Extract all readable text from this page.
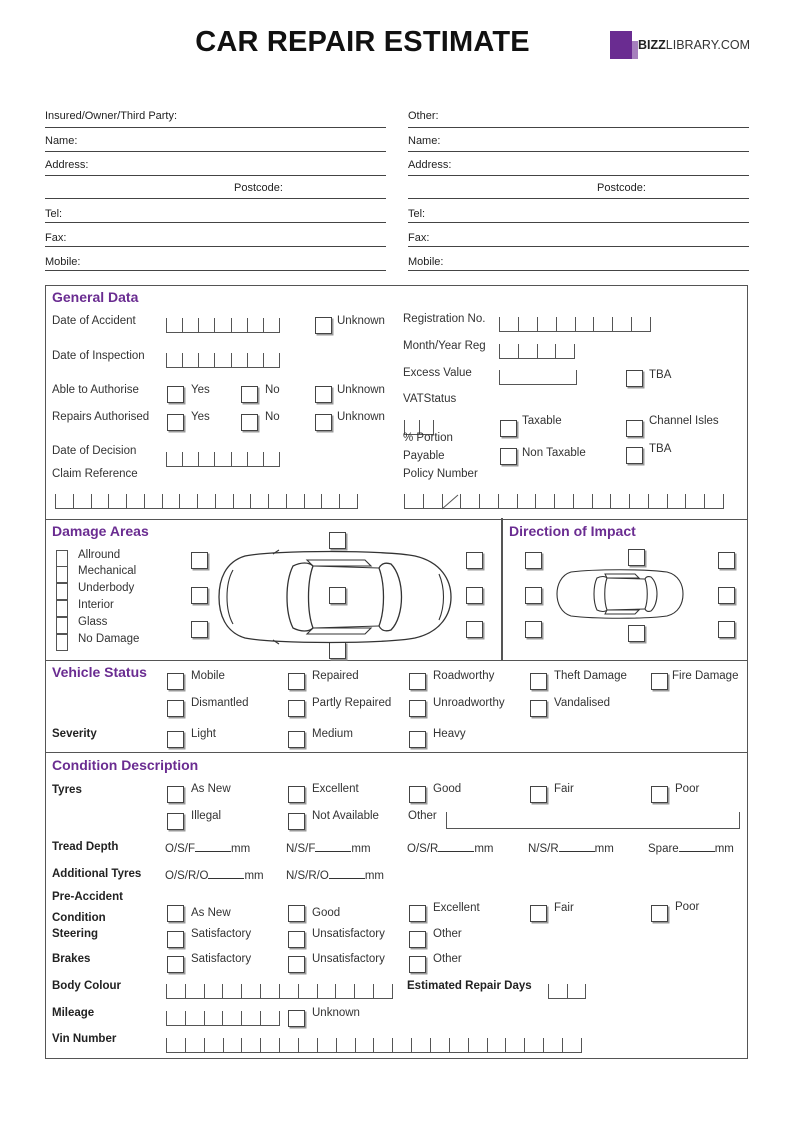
CAR REPAIR ESTIMATE	BIZZLIBRARY.COM
Insured/Owner/Third Party:
Name:
Address:
Postcode:
Tel:
Fax:
Mobile:
Other:
Name:
Address:
Postcode:
Tel:
Fax:
Mobile:
General Data
Date of Accident	Unknown
Date of Inspection
Able to Authorise	Yes	No	Unknown
Repairs Authorised	Yes	No	Unknown
Date of Decision
Claim Reference
Registration No.
Month/Year Reg
Excess Value	TBA
VATStatus
% Portion
Payable
Taxable	Channel Isles
Non Taxable	TBA
Policy Number
Damage Areas
Allround
Mechanical
Underbody
Interior
Glass
No Damage
Direction of Impact
Vehicle Status	Mobile	Repaired	Roadworthy	Theft Damage	Fire Damage
Dismantled	Partly Repaired	Unroadworthy	Vandalised
Severity	Light	Medium	Heavy
Condition Description
Tyres	As New	Excellent	Good	Fair	Poor
Illegal	Not Available	Other
Tread Depth	O/S/F	mm	N/S/F	mm	O/S/R	mm	N/S/R	mm	Spare	mm
Additional Tyres O/S/R/O	mm N/S/R/O	mm
Pre-Accident
Condition	As New	Good	Excellent	Fair	Poor
Steering	Satisfactory	Unsatisfactory	Other
Brakes	Satisfactory	Unsatisfactory	Other
Body Colour	Estimated Repair Days
Mileage	Unknown
Vin Number
